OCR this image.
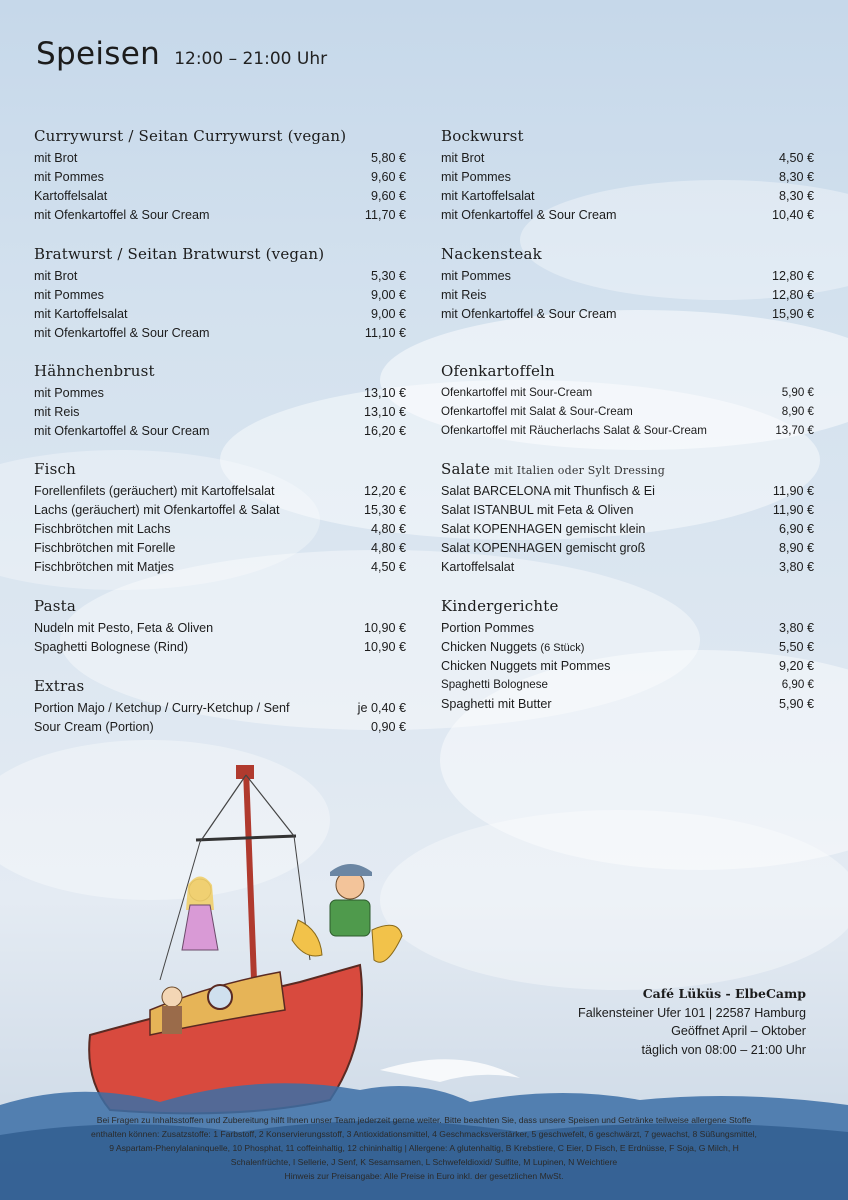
Speisen 12:00 – 21:00 Uhr
Currywurst / Seitan Currywurst (vegan)
mit Brot	5,80 €
mit Pommes	9,60 €
Kartoffelsalat	9,60 €
mit Ofenkartoffel & Sour Cream	11,70 €
Bratwurst / Seitan Bratwurst (vegan)
mit Brot	5,30 €
mit Pommes	9,00 €
mit Kartoffelsalat	9,00 €
mit Ofenkartoffel & Sour Cream	11,10 €
Hähnchenbrust
mit Pommes	13,10 €
mit Reis	13,10 €
mit Ofenkartoffel & Sour Cream	16,20 €
Fisch
Forellenfilets (geräuchert) mit Kartoffelsalat	12,20 €
Lachs (geräuchert) mit Ofenkartoffel & Salat	15,30 €
Fischbrötchen mit Lachs	4,80 €
Fischbrötchen mit Forelle	4,80 €
Fischbrötchen mit Matjes	4,50 €
Pasta
Nudeln mit Pesto, Feta & Oliven	10,90 €
Spaghetti Bolognese (Rind)	10,90 €
Extras
Portion Majo / Ketchup / Curry-Ketchup / Senf	je 0,40 €
Sour Cream (Portion)	0,90 €
Bockwurst
mit Brot	4,50 €
mit Pommes	8,30 €
mit Kartoffelsalat	8,30 €
mit Ofenkartoffel & Sour Cream	10,40 €
Nackensteak
mit Pommes	12,80 €
mit Reis	12,80 €
mit Ofenkartoffel & Sour Cream	15,90 €
Ofenkartoffeln
Ofenkartoffel mit Sour-Cream	5,90 €
Ofenkartoffel mit Salat & Sour-Cream	8,90 €
Ofenkartoffel mit Räucherlachs Salat & Sour-Cream	13,70 €
Salate mit Italien oder Sylt Dressing
Salat BARCELONA mit Thunfisch & Ei	11,90 €
Salat ISTANBUL mit Feta & Oliven	11,90 €
Salat KOPENHAGEN gemischt klein	6,90 €
Salat KOPENHAGEN gemischt groß	8,90 €
Kartoffelsalat	3,80 €
Kindergerichte
Portion Pommes	3,80 €
Chicken Nuggets (6 Stück)	5,50 €
Chicken Nuggets mit Pommes	9,20 €
Spaghetti Bolognese	6,90 €
Spaghetti mit Butter	5,90 €
Café Lüküs - ElbeCamp
Falkensteiner Ufer 101 | 22587 Hamburg
Geöffnet April – Oktober
täglich von 08:00 – 21:00 Uhr
Bei Fragen zu Inhaltsstoffen und Zubereitung hilft Ihnen unser Team jederzeit gerne weiter. Bitte beachten Sie, dass unsere Speisen und Getränke teilweise allergene Stoffe
enthalten können: Zusatzstoffe: 1 Farbstoff, 2 Konservierungsstoff, 3 Antioxidationsmittel, 4 Geschmacksverstärker, 5 geschwefelt, 6 geschwärzt, 7 gewachst, 8 Süßungsmittel,
9 Aspartam-Phenylalaninquelle, 10 Phosphat, 11 coffeinhaltig, 12 chininhaltig | Allergene: A glutenhaltig, B Krebstiere, C Eier, D Fisch, E Erdnüsse, F Soja, G Milch, H
Schalenfrüchte, I Sellerie, J Senf, K Sesamsamen, L Schwefeldioxid/ Sulfite, M Lupinen, N Weichtiere
Hinweis zur Preisangabe: Alle Preise in Euro inkl. der gesetzlichen MwSt.
